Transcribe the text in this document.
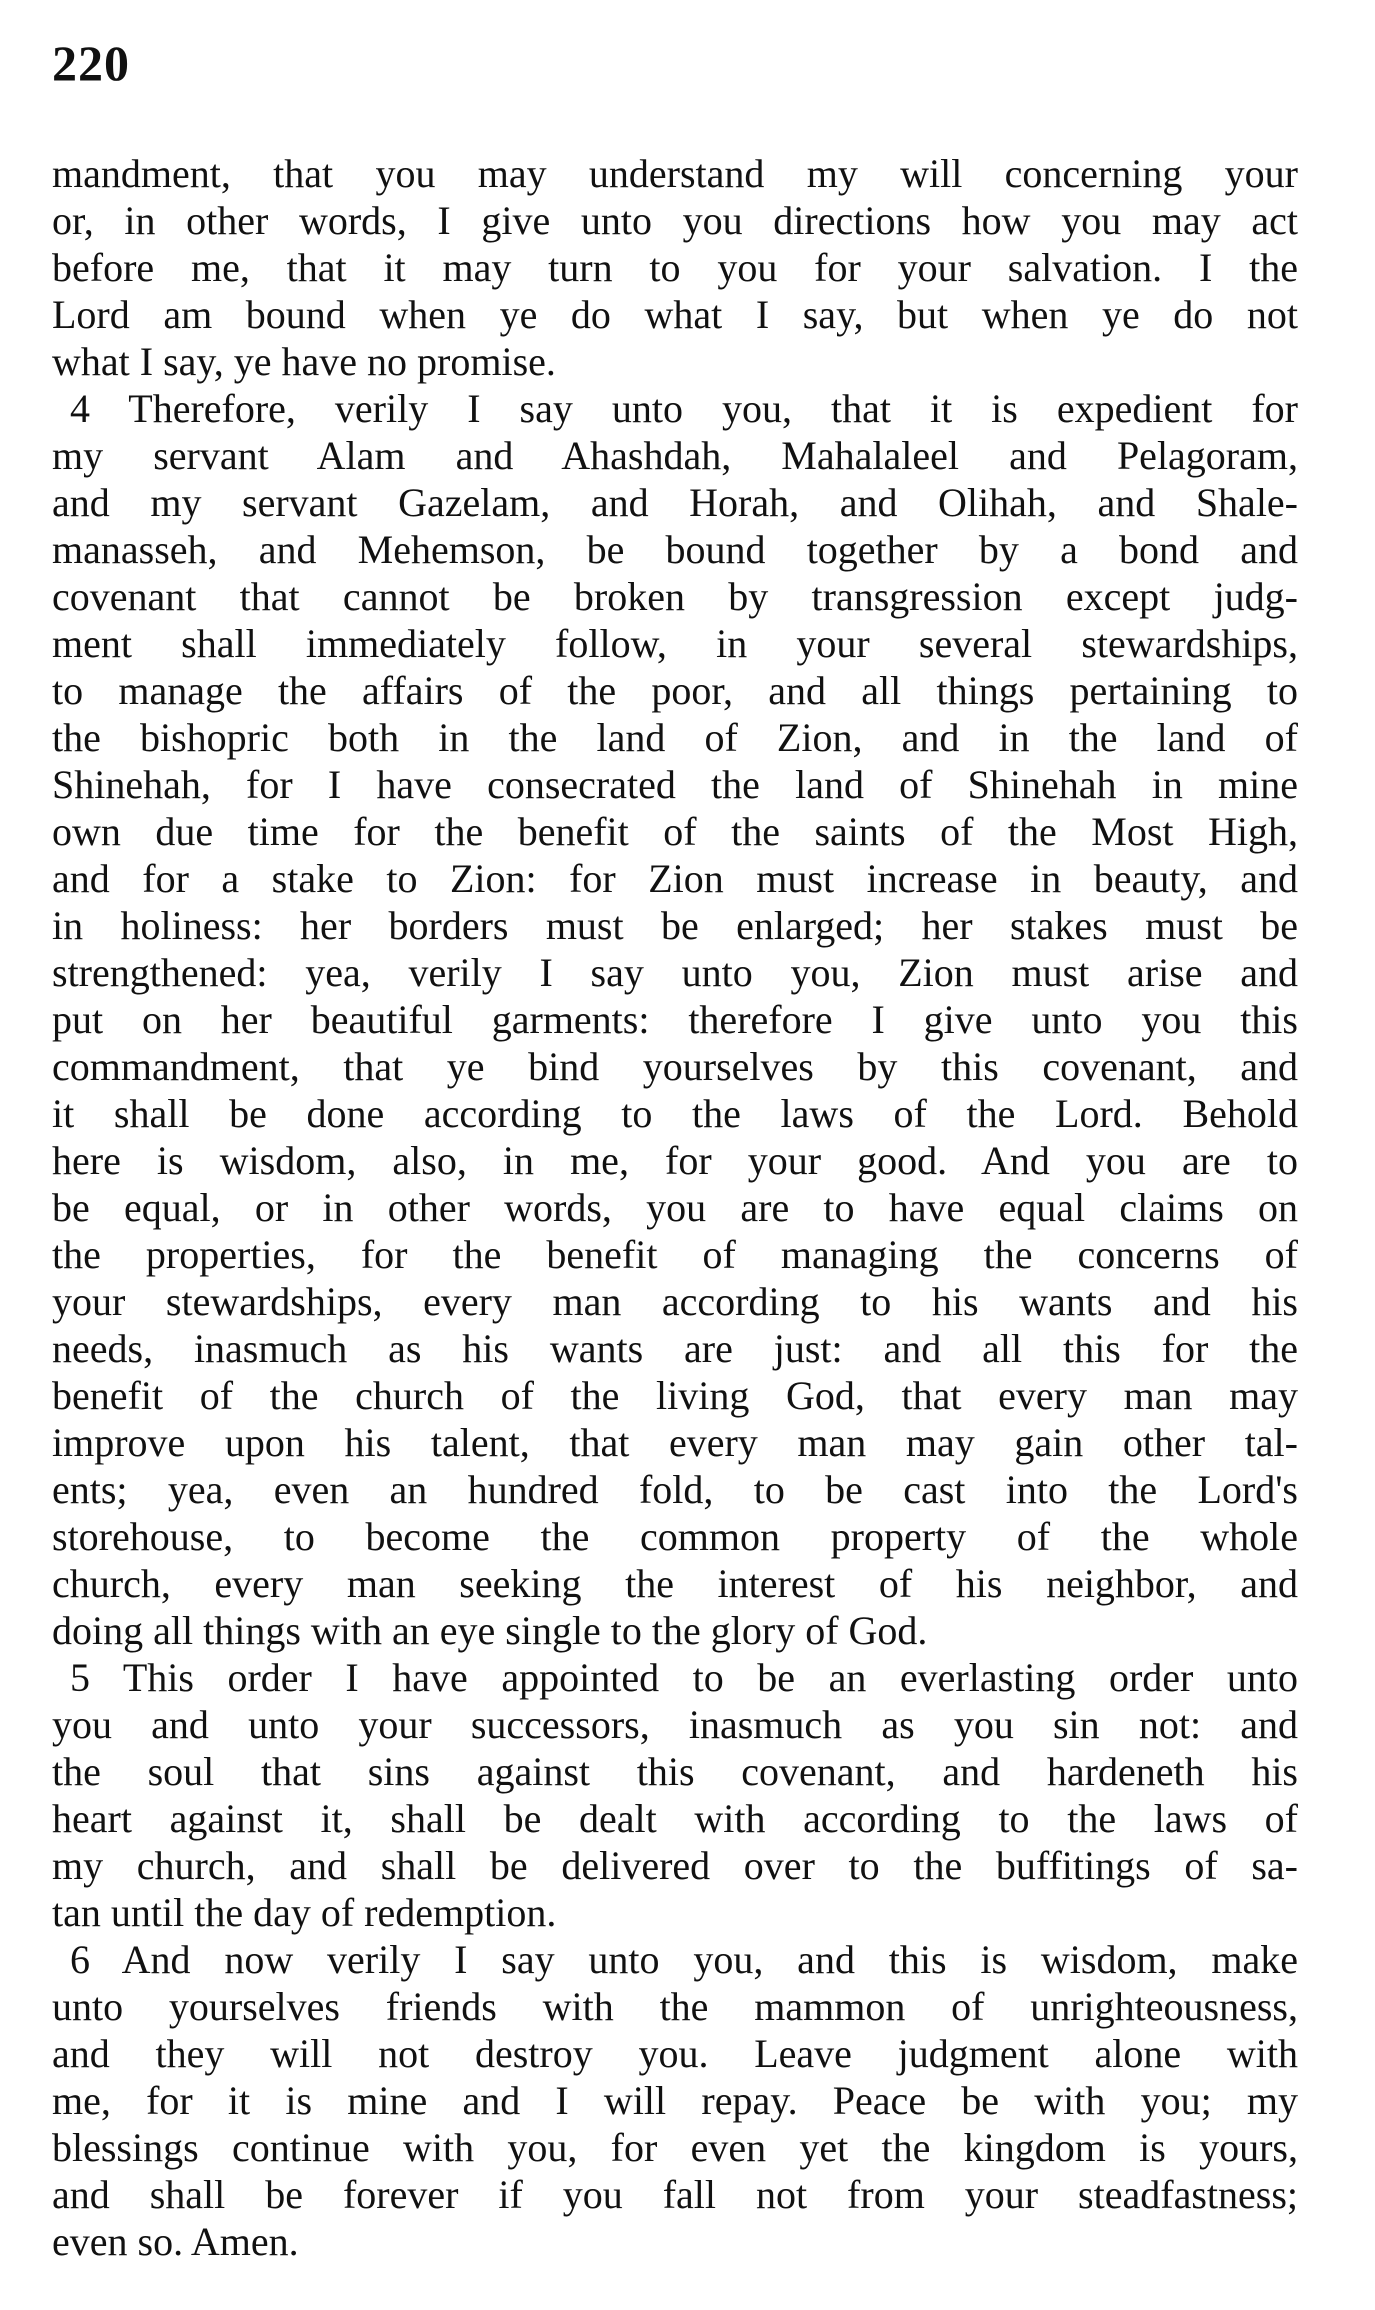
220
mandment, that you may understand my will concerning your
or, in other words, I give unto you directions how you may act
before me, that it may turn to you for your salvation. I the
Lord am bound when ye do what I say, but when ye do not
what I say, ye have no promise.
4 Therefore, verily I say unto you, that it is expedient for
my servant Alam and Ahashdah, Mahalaleel and Pelagoram,
and my servant Gazelam, and Horah, and Olihah, and Shale-
manasseh, and Mehemson, be bound together by a bond and
covenant that cannot be broken by transgression except judg-
ment shall immediately follow, in your several stewardships,
to manage the affairs of the poor, and all things pertaining to
the bishopric both in the land of Zion, and in the land of
Shinehah, for I have consecrated the land of Shinehah in mine
own due time for the benefit of the saints of the Most High,
and for a stake to Zion: for Zion must increase in beauty, and
in holiness: her borders must be enlarged; her stakes must be
strengthened: yea, verily I say unto you, Zion must arise and
put on her beautiful garments: therefore I give unto you this
commandment, that ye bind yourselves by this covenant, and
it shall be done according to the laws of the Lord. Behold
here is wisdom, also, in me, for your good. And you are to
be equal, or in other words, you are to have equal claims on
the properties, for the benefit of managing the concerns of
your stewardships, every man according to his wants and his
needs, inasmuch as his wants are just: and all this for the
benefit of the church of the living God, that every man may
improve upon his talent, that every man may gain other tal-
ents; yea, even an hundred fold, to be cast into the Lord's
storehouse, to become the common property of the whole
church, every man seeking the interest of his neighbor, and
doing all things with an eye single to the glory of God.
5 This order I have appointed to be an everlasting order unto
you and unto your successors, inasmuch as you sin not: and
the soul that sins against this covenant, and hardeneth his
heart against it, shall be dealt with according to the laws of
my church, and shall be delivered over to the buffitings of sa-
tan until the day of redemption.
6 And now verily I say unto you, and this is wisdom, make
unto yourselves friends with the mammon of unrighteousness,
and they will not destroy you. Leave judgment alone with
me, for it is mine and I will repay. Peace be with you; my
blessings continue with you, for even yet the kingdom is yours,
and shall be forever if you fall not from your steadfastness;
even so. Amen.
